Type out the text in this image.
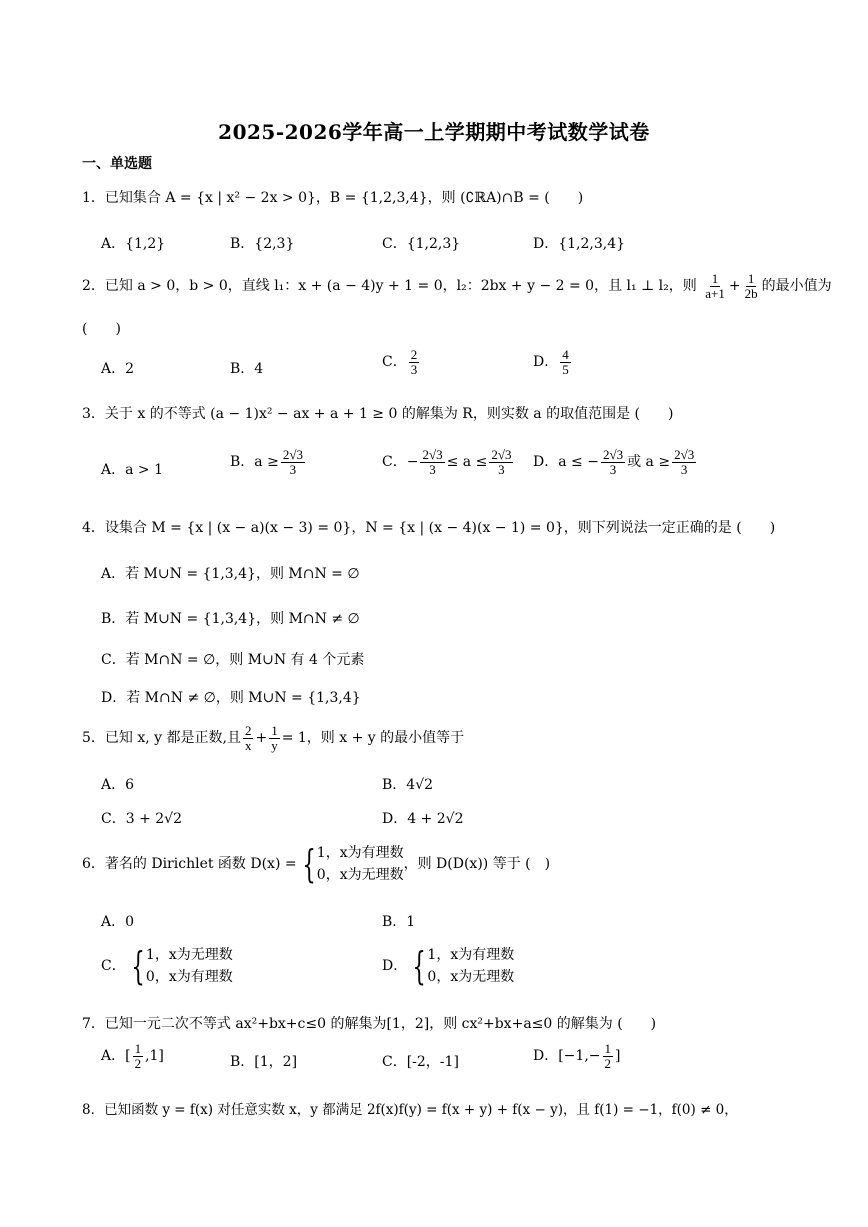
2025-2026学年高一上学期期中考试数学试卷
一、单选题
1．已知集合 A = {x | x² − 2x > 0}，B = {1,2,3,4}，则 (∁ℝA)∩B = (　　)
A．{1,2}	B．{2,3}	C．{1,2,3}	D．{1,2,3,4}
2．已知 a > 0，b > 0，直线 l₁：x + (a − 4)y + 1 = 0，l₂：2bx + y − 2 = 0，且 l₁ ⊥ l₂，则 $\frac{1}{a+1} + \frac{1}{2b}$ 的最小值为
(　　)
A．2	B．4	C． $\frac{2}{3}$	D． $\frac{4}{5}$
3．关于 x 的不等式 (a − 1)x² − ax + a + 1 ≥ 0 的解集为 R，则实数 a 的取值范围是 (　　)
A．a > 1	B．$a \ge \frac{2√3}{3}$	C．− $\frac{2√3}{3} \le a \le \frac{2√3}{3}$ D．a ≤ − $\frac{2√3}{3}$ 或 $a \ge \frac{2√3}{3}$
4．设集合 M = {x | (x − a)(x − 3) = 0}，N = {x | (x − 4)(x − 1) = 0}，则下列说法一定正确的是 (　　)
A．若 M∪N = {1,3,4}，则 M∩N = ∅
B．若 M∪N = {1,3,4}，则 M∩N ≠ ∅
C．若 M∩N = ∅，则 M∪N 有 4 个元素
D．若 M∩N ≠ ∅，则 M∪N = {1,3,4}
5．已知 x, y 都是正数,且 $\frac{2}{x} + \frac{1}{y} = 1$，则 x + y 的最小值等于
A．6	B．4√2
C．3 + 2√2	D．4 + 2√2
6．著名的 Dirichlet 函数 D(x) = { 1，x为有理数
0，x为无理数
，则 D(D(x)) 等于 (　)
A．0	B．1
C． { 1，x为无理数
0，x为有理数
D． { 1，x为有理数
0，x为无理数
7．已知一元二次不等式 ax²+bx+c≤0 的解集为[1，2]，则 cx²+bx+a≤0 的解集为 (　　)
A．[ $\frac{1}{2} ,1$]	B．[1，2]	C．[-2，-1]	D．[$-1,- \frac{1}{2}$ ]
8．已知函数 y = f(x) 对任意实数 x，y 都满足 2f(x)f(y) = f(x + y) + f(x − y)，且 f(1) = −1，f(0) ≠ 0，
